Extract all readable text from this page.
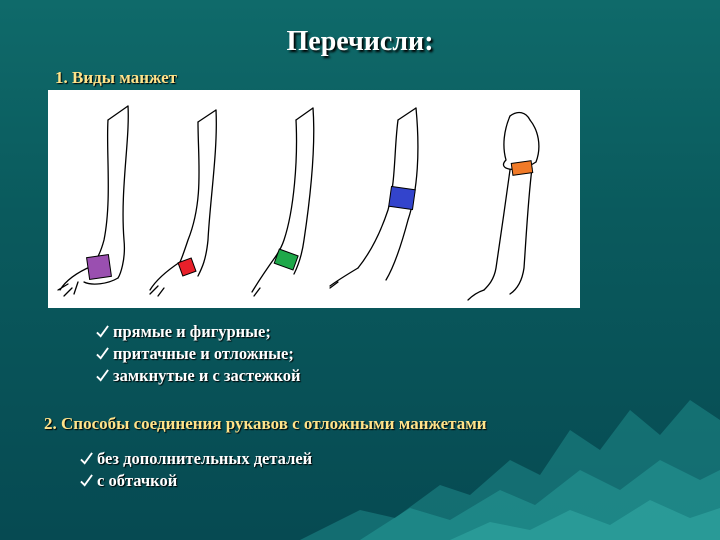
Перечисли:
1. Виды манжет
прямые и фигурные;
притачные и отложные;
замкнутые и с застежкой
2. Способы соединения рукавов с отложными манжетами
без дополнительных деталей
с обтачкой
